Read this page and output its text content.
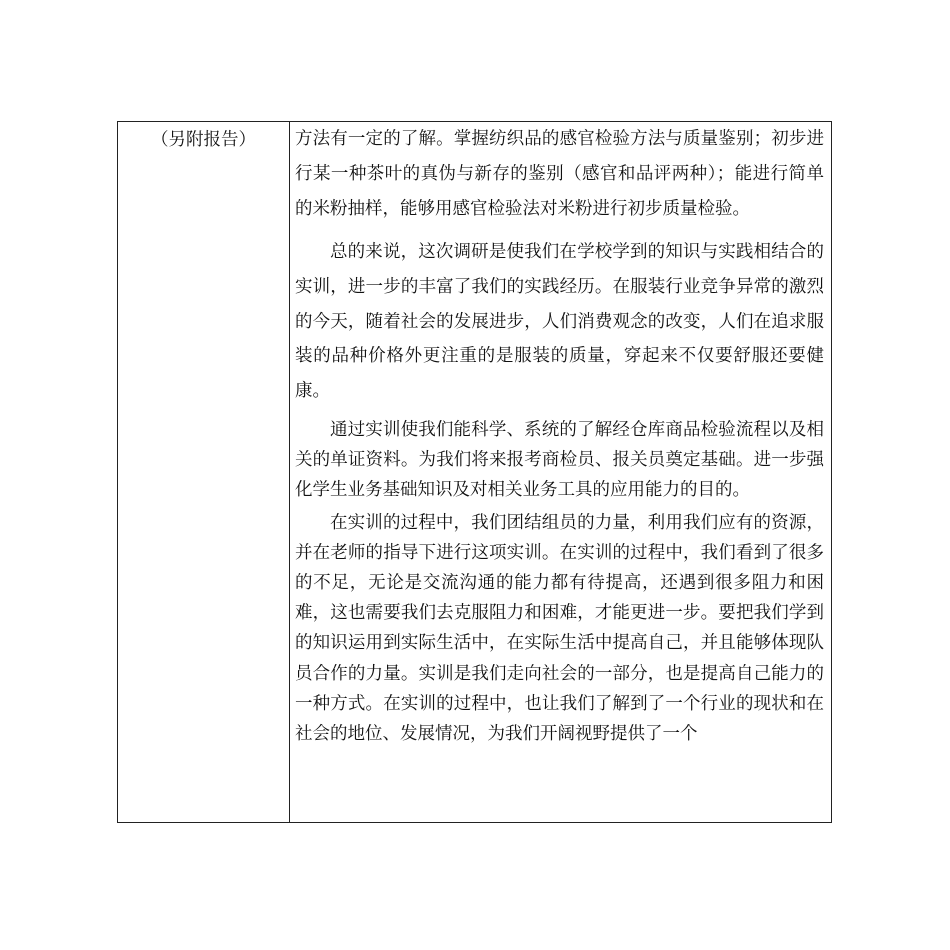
（另附报告）	方法有一定的了解。掌握纺织品的感官检验方法与质量鉴别；初步进行某一种茶叶的真伪与新存的鉴别（感官和品评两种）；能进行简单的米粉抽样，能够用感官检验法对米粉进行初步质量检验。

总的来说，这次调研是使我们在学校学到的知识与实践相结合的实训，进一步的丰富了我们的实践经历。在服装行业竞争异常的激烈的今天，随着社会的发展进步，人们消费观念的改变，人们在追求服装的品种价格外更注重的是服装的质量，穿起来不仅要舒服还要健康。

通过实训使我们能科学、系统的了解经仓库商品检验流程以及相关的单证资料。为我们将来报考商检员、报关员奠定基础。进一步强化学生业务基础知识及对相关业务工具的应用能力的目的。

在实训的过程中，我们团结组员的力量，利用我们应有的资源，并在老师的指导下进行这项实训。在实训的过程中，我们看到了很多的不足，无论是交流沟通的能力都有待提高，还遇到很多阻力和困难，这也需要我们去克服阻力和困难，才能更进一步。要把我们学到的知识运用到实际生活中，在实际生活中提高自己，并且能够体现队员合作的力量。实训是我们走向社会的一部分，也是提高自己能力的一种方式。在实训的过程中，也让我们了解到了一个行业的现状和在社会的地位、发展情况，为我们开阔视野提供了一个
